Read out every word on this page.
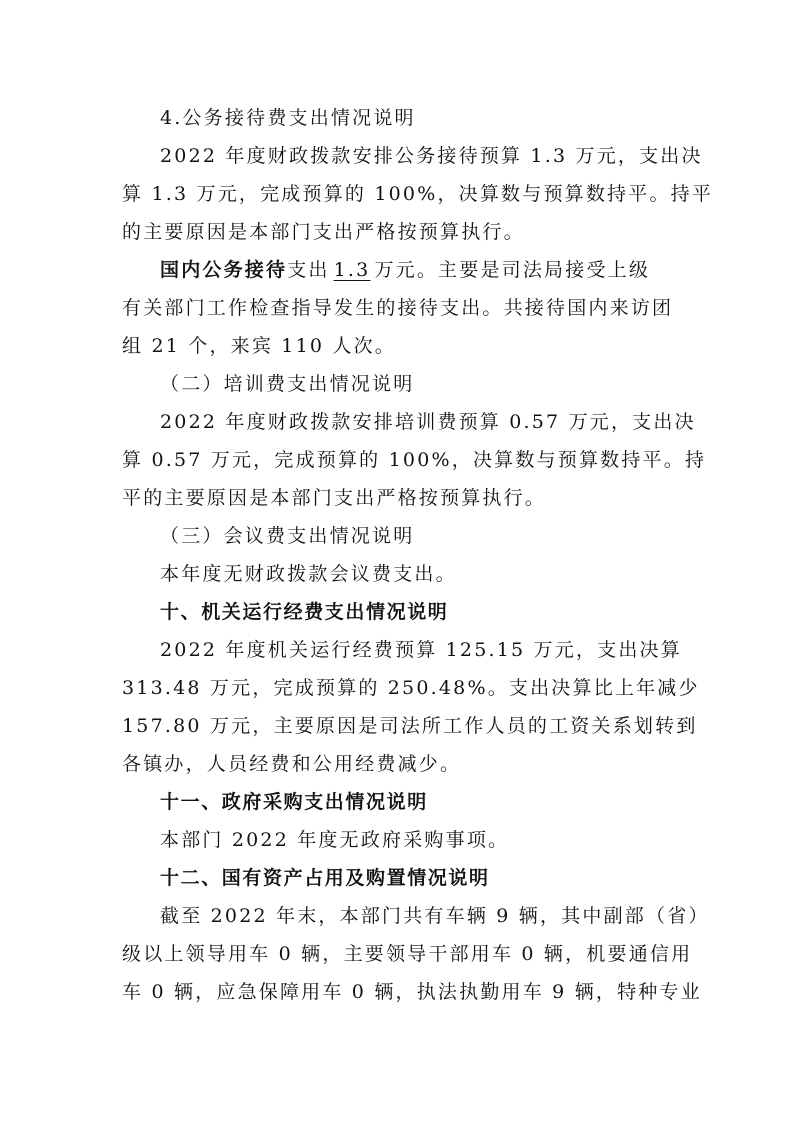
4.公务接待费支出情况说明
2022 年度财政拨款安排公务接待预算 1.3 万元，支出决
算 1.3 万元，完成预算的 100%，决算数与预算数持平。持平
的主要原因是本部门支出严格按预算执行。
国内公务接待支出 1.3 万元。主要是司法局接受上级
有关部门工作检查指导发生的接待支出。共接待国内来访团
组 21 个，来宾 110 人次。
（二）培训费支出情况说明
2022 年度财政拨款安排培训费预算 0.57 万元，支出决
算 0.57 万元，完成预算的 100%，决算数与预算数持平。持
平的主要原因是本部门支出严格按预算执行。
（三）会议费支出情况说明
本年度无财政拨款会议费支出。
十、机关运行经费支出情况说明
2022 年度机关运行经费预算 125.15 万元，支出决算
313.48 万元，完成预算的 250.48%。支出决算比上年减少
157.80 万元，主要原因是司法所工作人员的工资关系划转到
各镇办，人员经费和公用经费减少。
十一、政府采购支出情况说明
本部门 2022 年度无政府采购事项。
十二、国有资产占用及购置情况说明
截至 2022 年末，本部门共有车辆 9 辆，其中副部（省）
级以上领导用车 0 辆，主要领导干部用车 0 辆，机要通信用
车 0 辆，应急保障用车 0 辆，执法执勤用车 9 辆，特种专业
